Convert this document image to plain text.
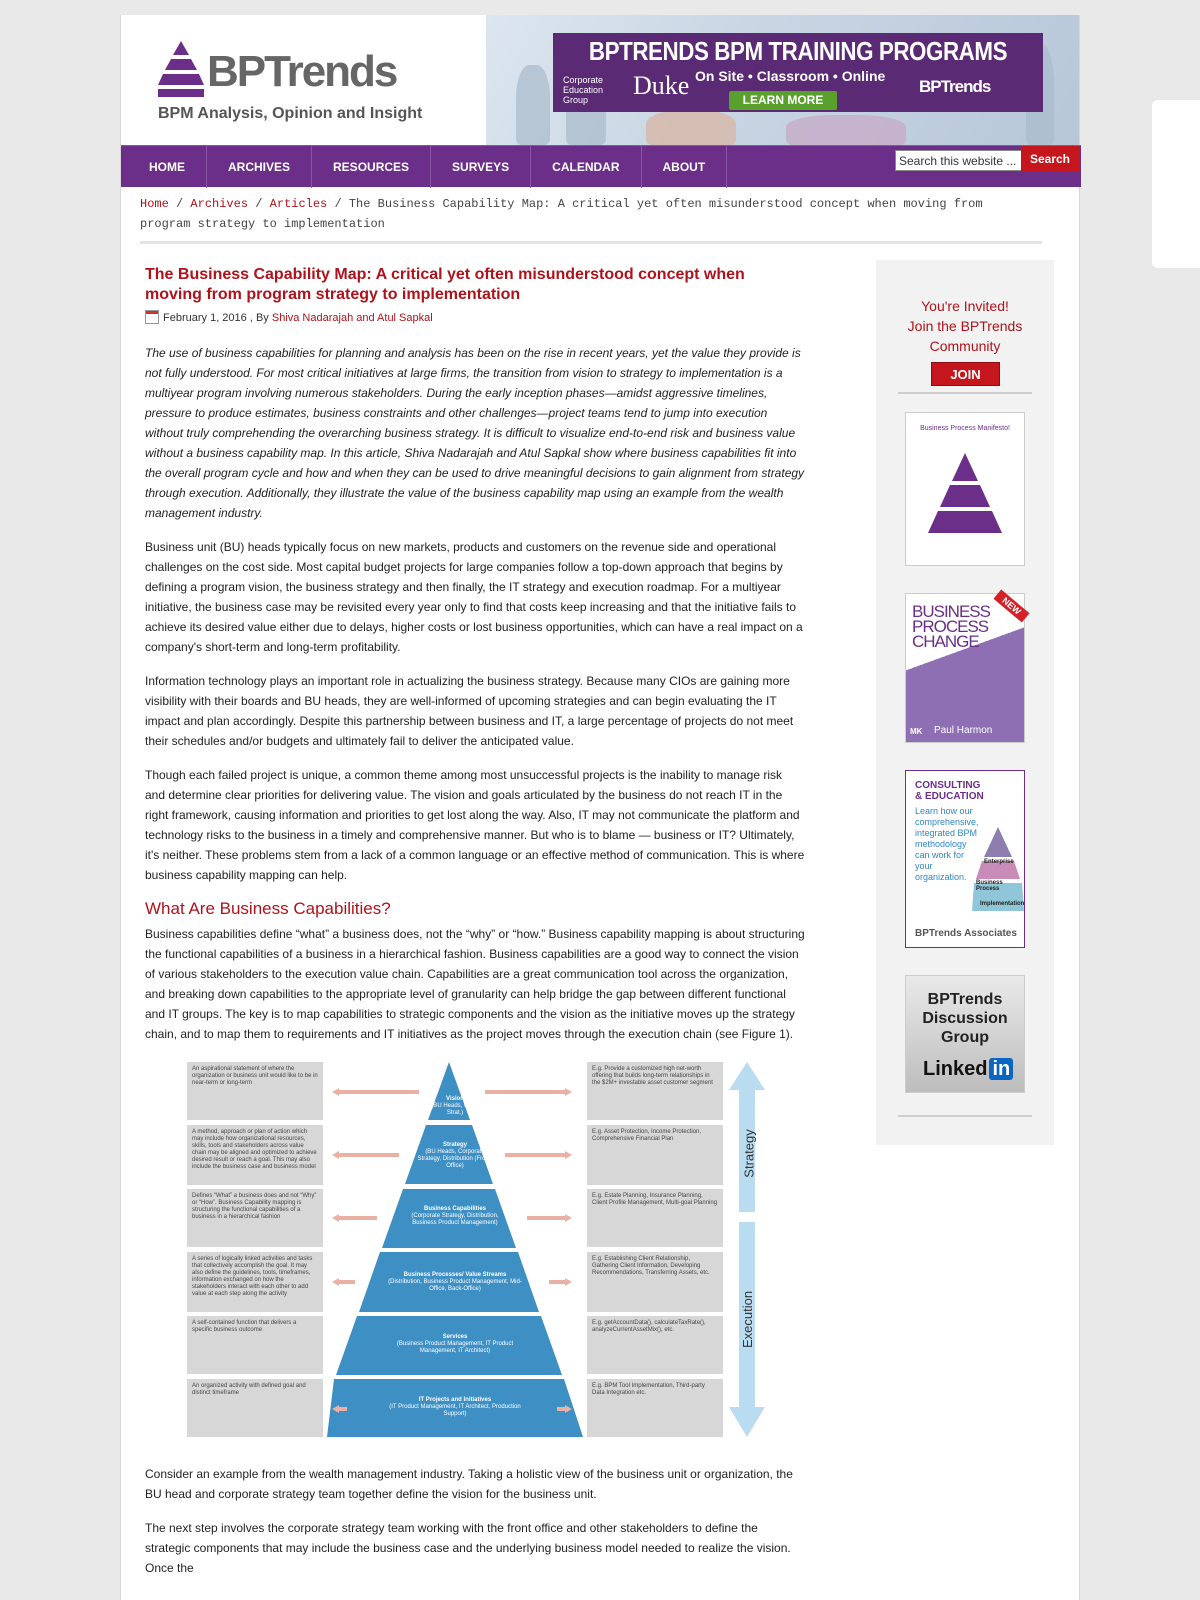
BPTrends
BPM Analysis, Opinion and Insight
BPTRENDS BPM TRAINING PROGRAMS
Corporate Education Group	Duke On Site • Classroom • Online
LEARN MORE
BPTrends
HOME	ARCHIVES	RESOURCES	SURVEYS	CALENDAR	ABOUT
Search this website ...
Search
Home / Archives / Articles / The Business Capability Map: A critical yet often misunderstood concept when moving from program strategy to implementation
The Business Capability Map: A critical yet often misunderstood concept when moving from program strategy to implementation
February 1, 2016 , By Shiva Nadarajah and Atul Sapkal

The use of business capabilities for planning and analysis has been on the rise in recent years, yet the value they provide is not fully understood. For most critical initiatives at large firms, the transition from vision to strategy to implementation is a multiyear program involving numerous stakeholders. During the early inception phases—amidst aggressive timelines, pressure to produce estimates, business constraints and other challenges—project teams tend to jump into execution without truly comprehending the overarching business strategy. It is difficult to visualize end-to-end risk and business value without a business capability map. In this article, Shiva Nadarajah and Atul Sapkal show where business capabilities fit into the overall program cycle and how and when they can be used to drive meaningful decisions to gain alignment from strategy through execution. Additionally, they illustrate the value of the business capability map using an example from the wealth management industry.

Business unit (BU) heads typically focus on new markets, products and customers on the revenue side and operational challenges on the cost side. Most capital budget projects for large companies follow a top-down approach that begins by defining a program vision, the business strategy and then finally, the IT strategy and execution roadmap. For a multiyear initiative, the business case may be revisited every year only to find that costs keep increasing and that the initiative fails to achieve its desired value either due to delays, higher costs or lost business opportunities, which can have a real impact on a company's short-term and long-term profitability.

Information technology plays an important role in actualizing the business strategy. Because many CIOs are gaining more visibility with their boards and BU heads, they are well-informed of upcoming strategies and can begin evaluating the IT impact and plan accordingly. Despite this partnership between business and IT, a large percentage of projects do not meet their schedules and/or budgets and ultimately fail to deliver the anticipated value.

Though each failed project is unique, a common theme among most unsuccessful projects is the inability to manage risk and determine clear priorities for delivering value. The vision and goals articulated by the business do not reach IT in the right framework, causing information and priorities to get lost along the way. Also, IT may not communicate the platform and technology risks to the business in a timely and comprehensive manner. But who is to blame — business or IT? Ultimately, it's neither. These problems stem from a lack of a common language or an effective method of communication. This is where business capability mapping can help.

What Are Business Capabilities?

Business capabilities define “what” a business does, not the “why” or “how.” Business capability mapping is about structuring the functional capabilities of a business in a hierarchical fashion. Business capabilities are a good way to connect the vision of various stakeholders to the execution value chain. Capabilities are a great communication tool across the organization, and breaking down capabilities to the appropriate level of granularity can help bridge the gap between different functional and IT groups. The key is to map capabilities to strategic components and the vision as the initiative moves up the strategy chain, and to map them to requirements and IT initiatives as the project moves through the execution chain (see Figure 1).

An aspirational statement of where the organization or business unit would like to be in near-term or long-term
A method, approach or plan of action which may include how organizational resources, skills, tools and stakeholders across value chain may be aligned and optimized to achieve desired result or reach a goal. This may also include the business case and business model
Defines “What” a business does and not “Why” or “How”. Business Capability mapping is structuring the functional capabilities of a business in a hierarchical fashion
A series of logically linked activities and tasks that collectively accomplish the goal. It may also define the guidelines, tools, timeframes, information exchanged on how the stakeholders interact with each other to add value at each step along the activity
A self-contained function that delivers a specific business outcome
An organized activity with defined goal and distinct timeframe
Vision
(BU Heads, Corp. Strat.)
Strategy
(BU Heads, Corporate Strategy, Distribution (Front-Office)
Business Capabilities
(Corporate Strategy, Distribution, Business Product Management)
Business Processes/ Value Streams
(Distribution, Business Product Management, Mid-Office, Back-Office)
Services
(Business Product Management, IT Product Management, IT Architect)
IT Projects and Initiatives
(IT Product Management, IT Architect, Production Support)
E.g. Provide a customized high net-worth offering that builds long-term relationships in the $2M+ investable asset customer segment
E.g. Asset Protection, Income Protection, Comprehensive Financial Plan
E.g. Estate Planning, Insurance Planning, Client Profile Management, Multi-goal Planning
E.g. Establishing Client Relationship, Gathering Client Information, Developing Recommendations, Transferring Assets, etc.
E.g. getAccountData(), calculateTaxRate(), analyzeCurrentAssetMix(), etc.
E.g. BPM Tool Implementation, Third-party Data Integration etc.
Strategy
Execution

Consider an example from the wealth management industry. Taking a holistic view of the business unit or organization, the BU head and corporate strategy team together define the vision for the business unit.

The next step involves the corporate strategy team working with the front office and other stakeholders to define the strategic components that may include the business case and the underlying business model needed to realize the vision. Once the

You're Invited!
Join the BPTrends
Community
JOIN
Business Process Manifesto!
BUSINESS PROCESS CHANGE
NEW
MK Paul Harmon
CONSULTING & EDUCATION
Learn how our comprehensive, integrated BPM methodology can work for your organization.
Enterprise
Business Process
Implementation
BPTrends Associates
BPTrends Discussion Group
Linked in
